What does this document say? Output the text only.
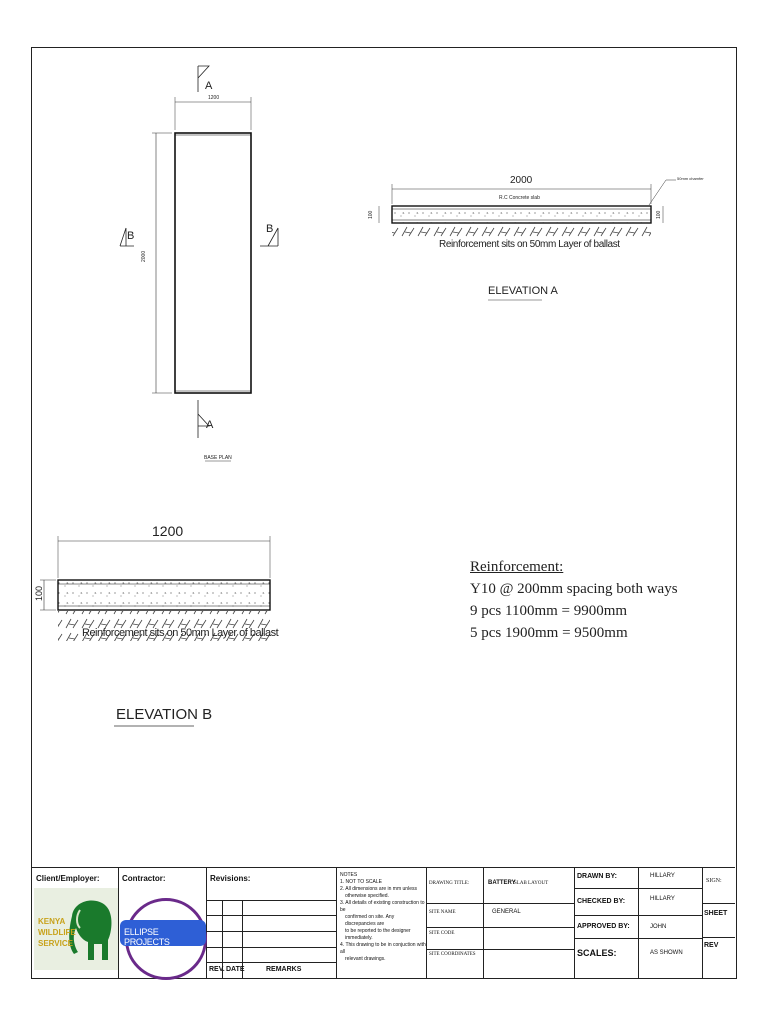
A
1200
2000
B
B
A
BASE PLAN
2000
R.C Concrete slab
50mm chamfer
100	100
Reinforcement sits on 50mm Layer of ballast
ELEVATION A
1200
100
Reinforcement sits on 50mm Layer of ballast
ELEVATION B
Reinforcement:
Y10 @ 200mm spacing both ways
9 pcs 1100mm = 9900mm
5 pcs 1900mm = 9500mm
Client/Employer:
KENYA
WILDLIFE
SERVICE
Contractor:
ELLIPSE PROJECTS
Revisions:
REV. DATE	REMARKS
NOTES
1. NOT TO SCALE
2. All dimensions are in mm unless
otherwise specified.
3. All details of existing construction to be
confirmed on site. Any discrepancies are
to be reported to the designer
immediately.
4. This drawing to be in conjuction with all
relevant drawings.
DRAWING TITLE:	BATTERY
SLAB LAYOUT
SITE NAME	GENERAL
SITE CODE
SITE COORDINATES
DRAWN BY:	HILLARY
CHECKED BY:	HILLARY
APPROVED BY:	JOHN
SCALES:	AS SHOWN
SIGN:
SHEET
REV
